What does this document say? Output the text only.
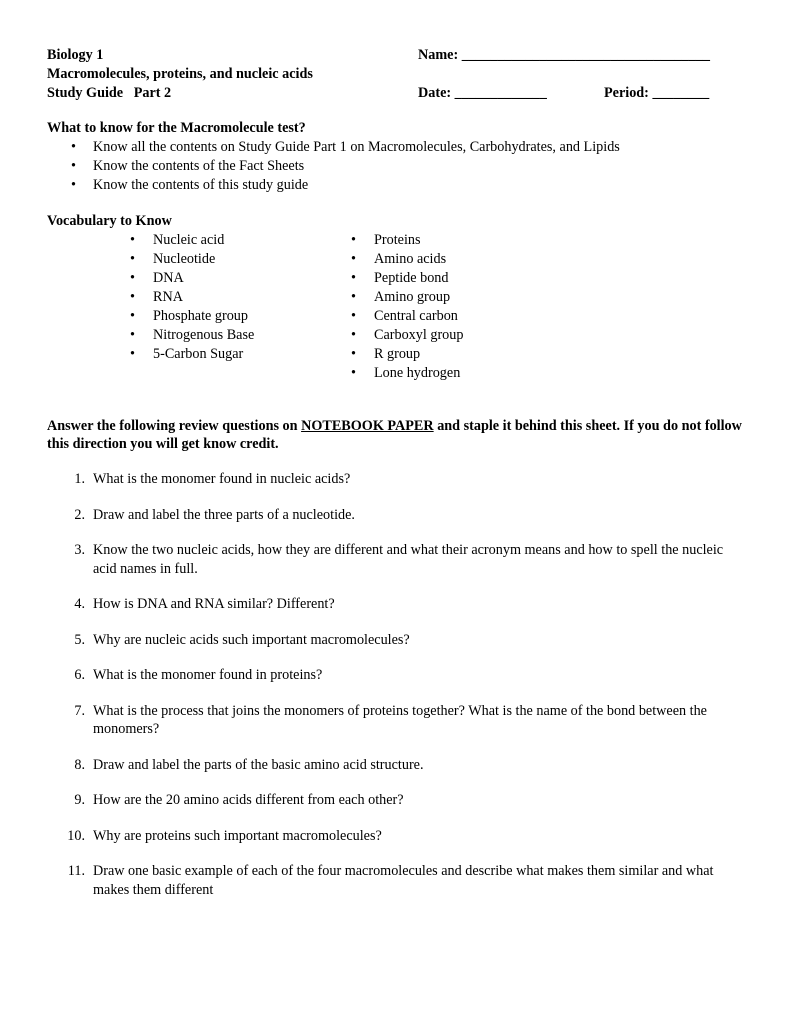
Biology 1	Name: ___________________________________
Macromolecules, proteins, and nucleic acids
Study Guide   Part 2	Date: _____________	Period: ________
What to know for the Macromolecule test?
• Know all the contents on Study Guide Part 1 on Macromolecules, Carbohydrates, and Lipids
• Know the contents of the Fact Sheets
• Know the contents of this study guide
Vocabulary to Know
• Nucleic acid
• Nucleotide
• DNA
• RNA
• Phosphate group
• Nitrogenous Base
• 5-Carbon Sugar
• Proteins
• Amino acids
• Peptide bond
• Amino group
• Central carbon
• Carboxyl group
• R group
• Lone hydrogen
Answer the following review questions on NOTEBOOK PAPER and staple it behind this sheet. If you do not follow this direction you will get know credit.
1. What is the monomer found in nucleic acids?
2. Draw and label the three parts of a nucleotide.
3. Know the two nucleic acids, how they are different and what their acronym means and how to spell the nucleic acid names in full.
4. How is DNA and RNA similar? Different?
5. Why are nucleic acids such important macromolecules?
6. What is the monomer found in proteins?
7. What is the process that joins the monomers of proteins together? What is the name of the bond between the monomers?
8. Draw and label the parts of the basic amino acid structure.
9. How are the 20 amino acids different from each other?
10. Why are proteins such important macromolecules?
11. Draw one basic example of each of the four macromolecules and describe what makes them similar and what makes them different
